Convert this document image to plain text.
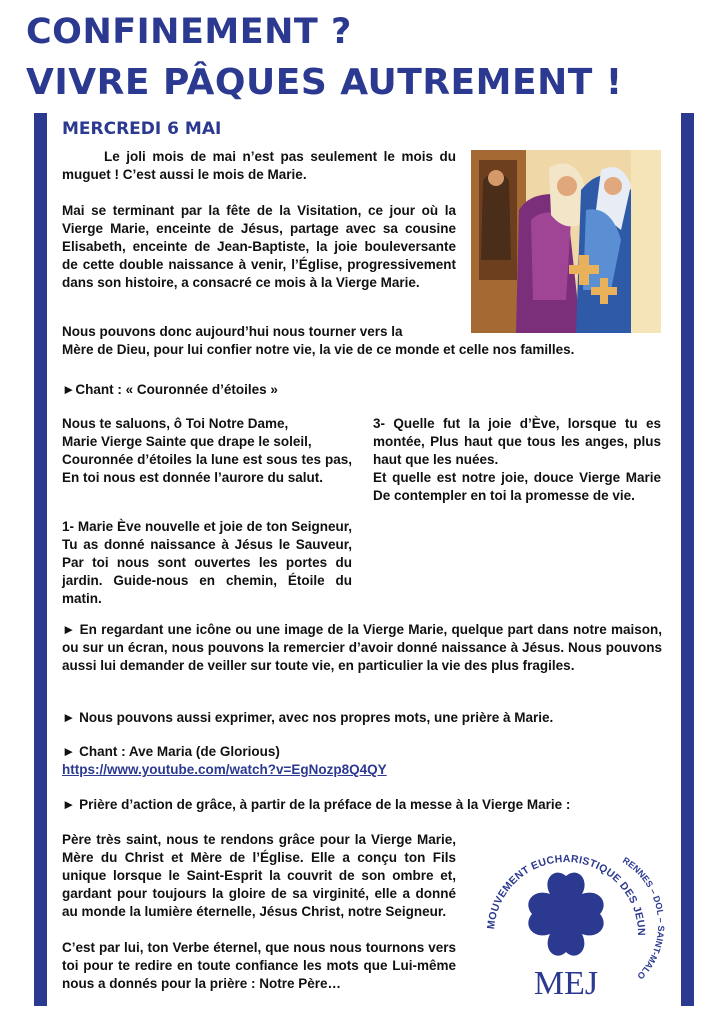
CONFINEMENT ?
VIVRE PÂQUES AUTREMENT !
MERCREDI 6 MAI

Le joli mois de mai n’est pas seulement le mois du muguet ! C’est aussi le mois de Marie.

Mai se terminant par la fête de la Visitation, ce jour où la Vierge Marie, enceinte de Jésus, partage avec sa cousine Elisabeth, enceinte de Jean-Baptiste, la joie bouleversante de cette double naissance à venir, l’Église, progressivement dans son histoire, a consacré ce mois à la Vierge Marie.

Nous pouvons donc aujourd’hui nous tourner vers la

Mère de Dieu, pour lui confier notre vie, la vie de ce monde et celle nos familles.

►Chant : « Couronnée d’étoiles »

Nous te saluons, ô Toi Notre Dame,
Marie Vierge Sainte que drape le soleil,
Couronnée d’étoiles la lune est sous tes pas, En toi nous est donnée l’aurore du salut.

1- Marie Ève nouvelle et joie de ton Seigneur, Tu as donné naissance à Jésus le Sauveur, Par toi nous sont ouvertes les portes du jardin. Guide-nous en chemin, Étoile du matin.

3- Quelle fut la joie d’Ève, lorsque tu es montée, Plus haut que tous les anges, plus haut que les nuées.
Et quelle est notre joie, douce Vierge Marie De contempler en toi la promesse de vie.

► En regardant une icône ou une image de la Vierge Marie, quelque part dans notre maison, ou sur un écran, nous pouvons la remercier d’avoir donné naissance à Jésus. Nous pouvons aussi lui demander de veiller sur toute vie, en particulier la vie des plus fragiles.

► Nous pouvons aussi exprimer, avec nos propres mots, une prière à Marie.

► Chant : Ave Maria (de Glorious)

https://www.youtube.com/watch?v=EgNozp8Q4QY

► Prière d’action de grâce, à partir de la préface de la messe à la Vierge Marie :

Père très saint, nous te rendons grâce pour la Vierge Marie, Mère du Christ et Mère de l’Église. Elle a conçu ton Fils unique lorsque le Saint-Esprit la couvrit de son ombre et, gardant pour toujours la gloire de sa virginité, elle a donné au monde la lumière éternelle, Jésus Christ, notre Seigneur.

C’est par lui, ton Verbe éternel, que nous nous tournons vers toi pour te redire en toute confiance les mots que Lui-même nous a donnés pour la prière : Notre Père…

MOUVEMENT EUCHARISTIQUE DES JEUN
RENNES – DOL – SAINT-MALO
MEJ
